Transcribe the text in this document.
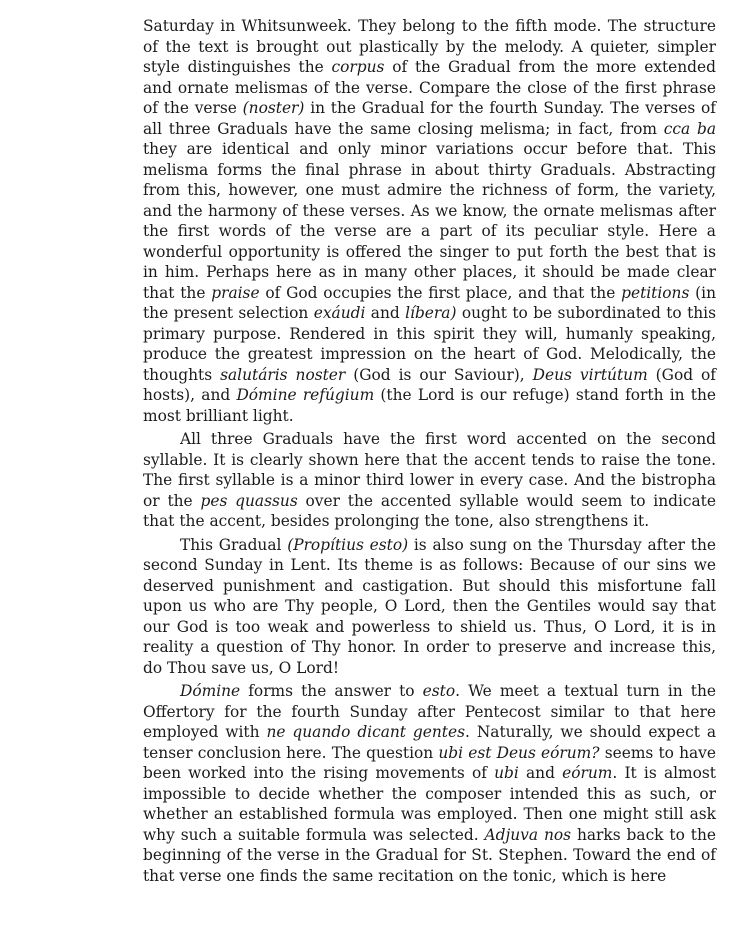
Saturday in Whitsunweek. They belong to the fifth mode. The structure of the text is brought out plastically by the melody. A quieter, simpler style distinguishes the corpus of the Gradual from the more extended and ornate melismas of the verse. Compare the close of the first phrase of the verse (noster) in the Gradual for the fourth Sunday. The verses of all three Graduals have the same closing melisma; in fact, from cca ba they are identical and only minor variations occur before that. This melisma forms the final phrase in about thirty Graduals. Abstracting from this, however, one must admire the richness of form, the variety, and the harmony of these verses. As we know, the ornate melismas after the first words of the verse are a part of its peculiar style. Here a wonderful opportunity is offered the singer to put forth the best that is in him. Perhaps here as in many other places, it should be made clear that the praise of God occupies the first place, and that the petitions (in the present selection exáudi and líbera) ought to be subordinated to this primary purpose. Rendered in this spirit they will, humanly speaking, produce the greatest impression on the heart of God. Melodically, the thoughts salutáris noster (God is our Saviour), Deus virtútum (God of hosts), and Dómine refúgium (the Lord is our refuge) stand forth in the most brilliant light.

All three Graduals have the first word accented on the second syllable. It is clearly shown here that the accent tends to raise the tone. The first syllable is a minor third lower in every case. And the bistropha or the pes quassus over the accented syllable would seem to indicate that the accent, besides prolonging the tone, also strengthens it.

This Gradual (Propítius esto) is also sung on the Thursday after the second Sunday in Lent. Its theme is as follows: Because of our sins we deserved punishment and castigation. But should this misfortune fall upon us who are Thy people, O Lord, then the Gentiles would say that our God is too weak and powerless to shield us. Thus, O Lord, it is in reality a question of Thy honor. In order to preserve and increase this, do Thou save us, O Lord!

Dómine forms the answer to esto. We meet a textual turn in the Offertory for the fourth Sunday after Pentecost similar to that here employed with ne quando dicant gentes. Naturally, we should expect a tenser conclusion here. The question ubi est Deus eórum? seems to have been worked into the rising movements of ubi and eórum. It is almost impossible to decide whether the composer intended this as such, or whether an established formula was employed. Then one might still ask why such a suitable formula was selected. Adjuva nos harks back to the beginning of the verse in the Gradual for St. Stephen. Toward the end of that verse one finds the same recitation on the tonic, which is here
